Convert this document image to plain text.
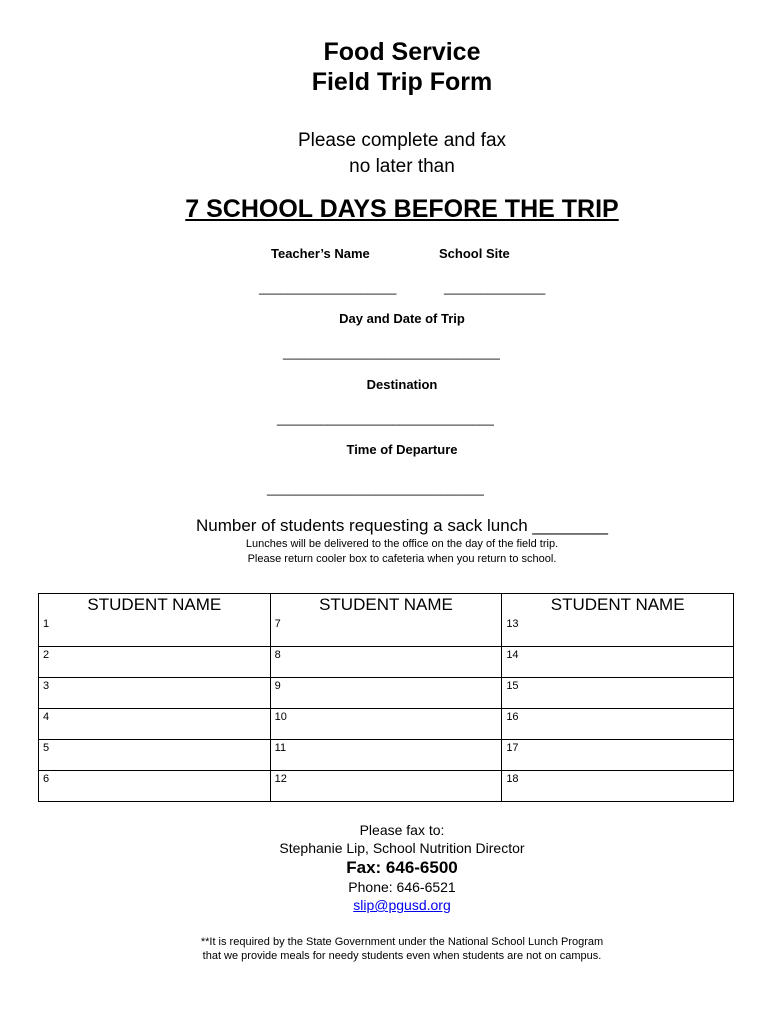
Food Service
Field Trip Form
Please complete and fax
no later than
7 SCHOOL DAYS BEFORE THE TRIP
Teacher’s Name	School Site
___________________	______________
Day and Date of Trip
______________________________
Destination
______________________________
Time of Departure
______________________________
Number of students requesting a sack lunch ________
Lunches will be delivered to the office on the day of the field trip.
Please return cooler box to cafeteria when you return to school.
STUDENT NAME	STUDENT NAME	STUDENT NAME
1	7	13
2	8	14
3	9	15
4	10	16
5	11	17
6	12	18
Please fax to:
Stephanie Lip, School Nutrition Director
Fax: 646-6500
Phone: 646-6521
slip@pgusd.org
**It is required by the State Government under the National School Lunch Program
that we provide meals for needy students even when students are not on campus.
